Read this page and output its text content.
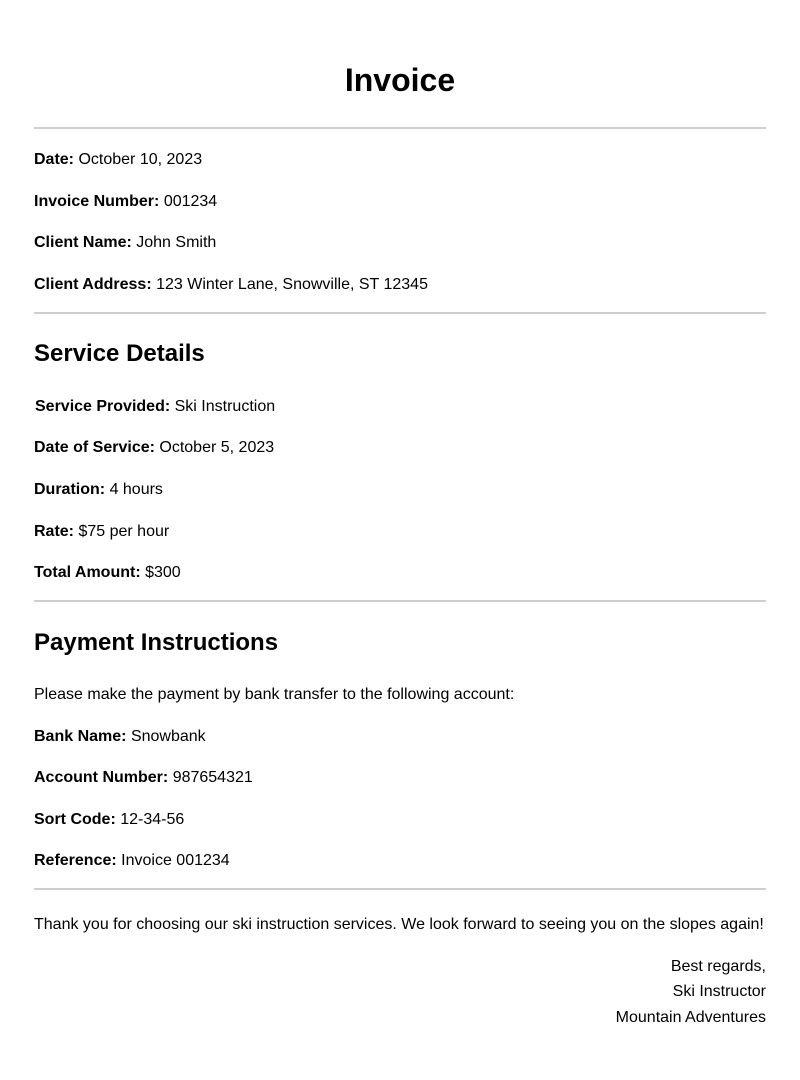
Invoice

Date: October 10, 2023

Invoice Number: 001234

Client Name: John Smith

Client Address: 123 Winter Lane, Snowville, ST 12345

Service Details

Service Provided: Ski Instruction

Date of Service: October 5, 2023

Duration: 4 hours

Rate: $75 per hour

Total Amount: $300

Payment Instructions

Please make the payment by bank transfer to the following account:

Bank Name: Snowbank

Account Number: 987654321

Sort Code: 12-34-56

Reference: Invoice 001234

Thank you for choosing our ski instruction services. We look forward to seeing you on the slopes again!

Best regards,

Ski Instructor

Mountain Adventures
